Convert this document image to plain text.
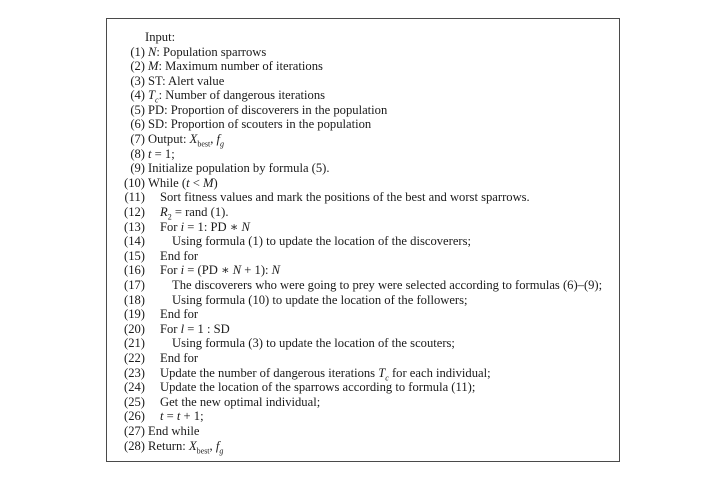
Input:
(1) N: Population sparrows
(2) M: Maximum number of iterations
(3) ST: Alert value
(4) $T_c$: Number of dangerous iterations
(5) PD: Proportion of discoverers in the population
(6) SD: Proportion of scouters in the population
(7) Output: $X_{best}$, $f_g$
(8) t = 1;
(9) Initialize population by formula (5).
(10) While (t < M)
(11)	Sort fitness values and mark the positions of the best and worst sparrows.
(12)	$R_2$ = rand (1).
(13)	For i = 1: PD ∗ N
(14)	Using formula (1) to update the location of the discoverers;
(15)	End for
(16)	For i = (PD ∗ N + 1): N
(17)	The discoverers who were going to prey were selected according to formulas (6)–(9);
(18)	Using formula (10) to update the location of the followers;
(19)	End for
(20)	For l = 1 : SD
(21)	Using formula (3) to update the location of the scouters;
(22)	End for
(23)	Update the number of dangerous iterations $T_c$ for each individual;
(24)	Update the location of the sparrows according to formula (11);
(25)	Get the new optimal individual;
(26)	t = t + 1;
(27) End while
(28) Return: $X_{best}$, $f_g$
